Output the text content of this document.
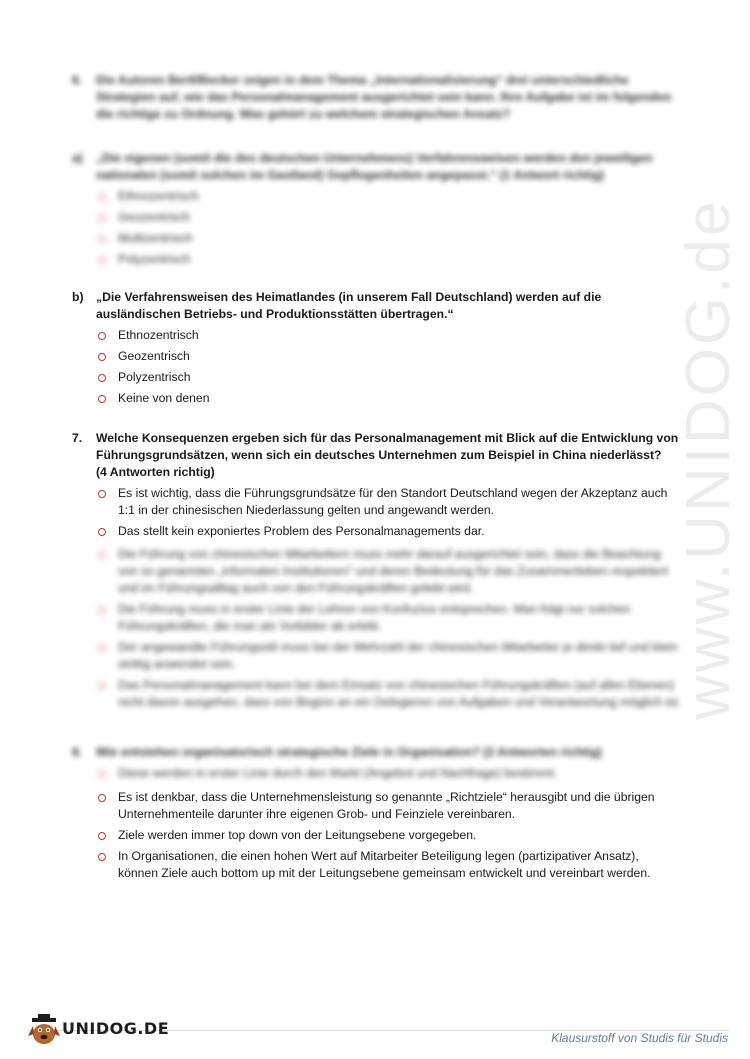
www.UNIDOG.de
6. Die Autoren Bertl/Becker zeigen in dem Thema „Internationalisierung“ drei unterschiedliche Strategien auf, wie das Personalmanagement ausgerichtet sein kann. Ihre Aufgabe ist im folgenden die richtige zu Ordnung. Was gehört zu welchem strategischen Ansatz?
a) „Die eigenen (somit die des deutschen Unternehmens) Verfahrensweisen werden den jeweiligen nationalen (somit solchen im Gastland) Gepflogenheiten angepasst.“ (1 Antwort richtig)
Ethnozentrisch
Geozentrisch
Multizentrisch
Polyzentrisch
b) „Die Verfahrensweisen des Heimatlandes (in unserem Fall Deutschland) werden auf die ausländischen Betriebs- und Produktionsstätten übertragen.“
Ethnozentrisch
Geozentrisch
Polyzentrisch
Keine von denen
7. Welche Konsequenzen ergeben sich für das Personalmanagement mit Blick auf die Entwicklung von Führungsgrundsätzen, wenn sich ein deutsches Unternehmen zum Beispiel in China niederlässt?
(4 Antworten richtig)
Es ist wichtig, dass die Führungsgrundsätze für den Standort Deutschland wegen der Akzeptanz auch 1:1 in der chinesischen Niederlassung gelten und angewandt werden.
Das stellt kein exponiertes Problem des Personalmanagements dar.
Die Führung von chinesischen Mitarbeitern muss mehr darauf ausgerichtet sein, dass die Beachtung von so genannten „informalen Institutionen“ und deren Bedeutung für das Zusammenleben respektiert und im Führungsalltag auch von den Führungskräften gelebt wird.
Die Führung muss in erster Linie der Lehren von Konfuzius entsprechen. Man folgt nur solchen Führungskräften, die man als Vorbilder ab erlebt.
Der angewandte Führungsstil muss bei der Mehrzahl der chinesischen Mitarbeiter je direkt tief und klein strittig anwendet sein.
Das Personalmanagement kann bei dem Einsatz von chinesischen Führungskräften (auf allen Ebenen) nicht davon ausgehen, dass von Beginn an ein Delegieren von Aufgaben und Verantwortung möglich ist.
8. Wie entstehen organisatorisch strategische Ziele in Organisation? (2 Antworten richtig)
Diese werden in erster Linie durch den Markt (Angebot und Nachfrage) bestimmt.
Es ist denkbar, dass die Unternehmensleistung so genannte „Richtziele“ herausgibt und die übrigen Unternehmenteile darunter ihre eigenen Grob- und Feinziele vereinbaren.
Ziele werden immer top down von der Leitungsebene vorgegeben.
In Organisationen, die einen hohen Wert auf Mitarbeiter Beteiligung legen (partizipativer Ansatz), können Ziele auch bottom up mit der Leitungsebene gemeinsam entwickelt und vereinbart werden.
UNIDOG.DE	Klausurstoff von Studis für Studis
